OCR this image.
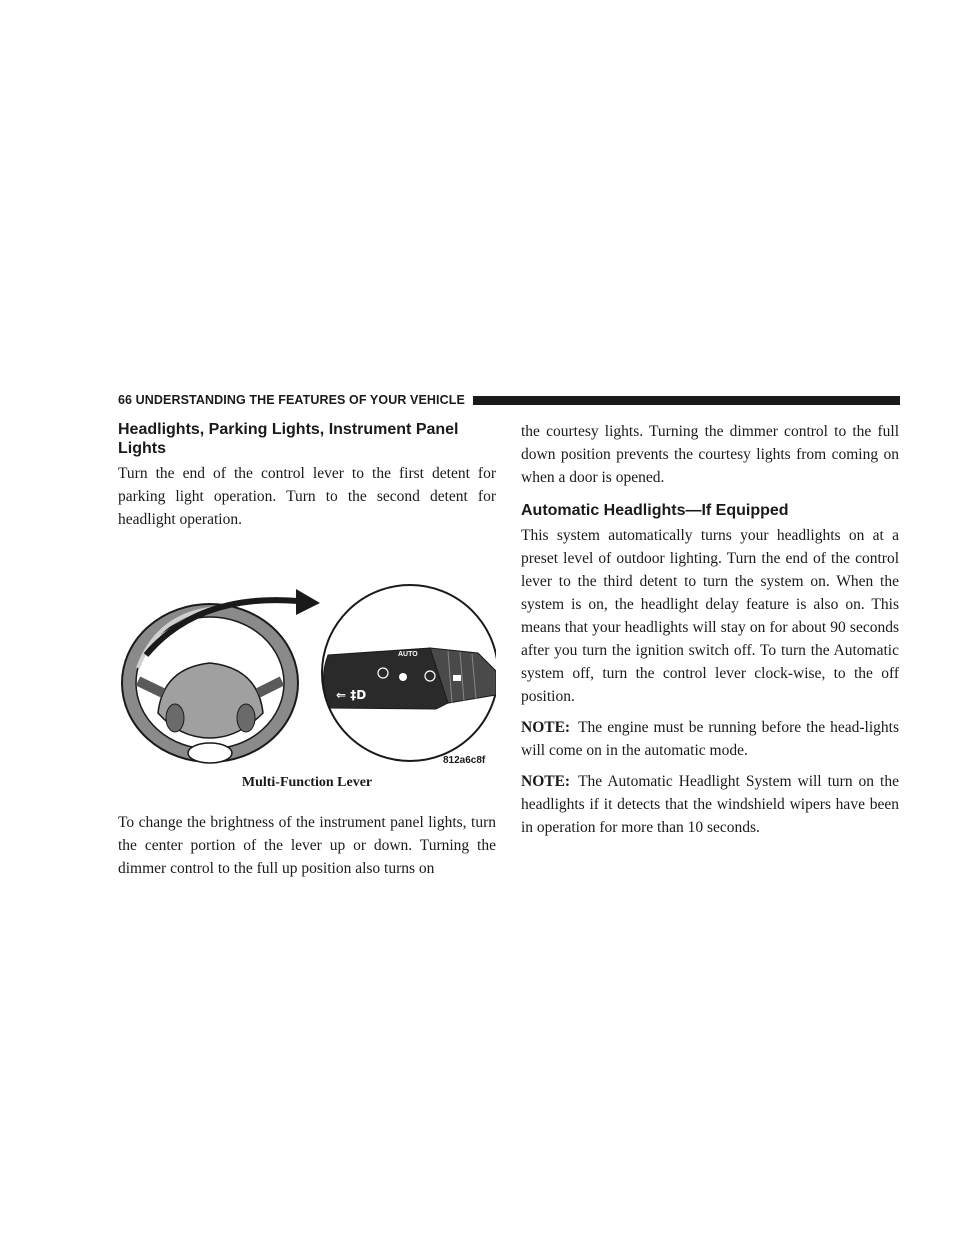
66 UNDERSTANDING THE FEATURES OF YOUR VEHICLE
Headlights, Parking Lights, Instrument Panel Lights

Turn the end of the control lever to the first detent for parking light operation. Turn to the second detent for headlight operation.

AUTO
⇐ ‡D
812a6c8f
Multi-Function Lever

To change the brightness of the instrument panel lights, turn the center portion of the lever up or down. Turning the dimmer control to the full up position also turns on

the courtesy lights. Turning the dimmer control to the full down position prevents the courtesy lights from coming on when a door is opened.

Automatic Headlights—If Equipped

This system automatically turns your headlights on at a preset level of outdoor lighting. Turn the end of the control lever to the third detent to turn the system on. When the system is on, the headlight delay feature is also on. This means that your headlights will stay on for about 90 seconds after you turn the ignition switch off. To turn the Automatic system off, turn the control lever clock-wise, to the off position.

NOTE: The engine must be running before the head-lights will come on in the automatic mode.

NOTE: The Automatic Headlight System will turn on the headlights if it detects that the windshield wipers have been in operation for more than 10 seconds.
